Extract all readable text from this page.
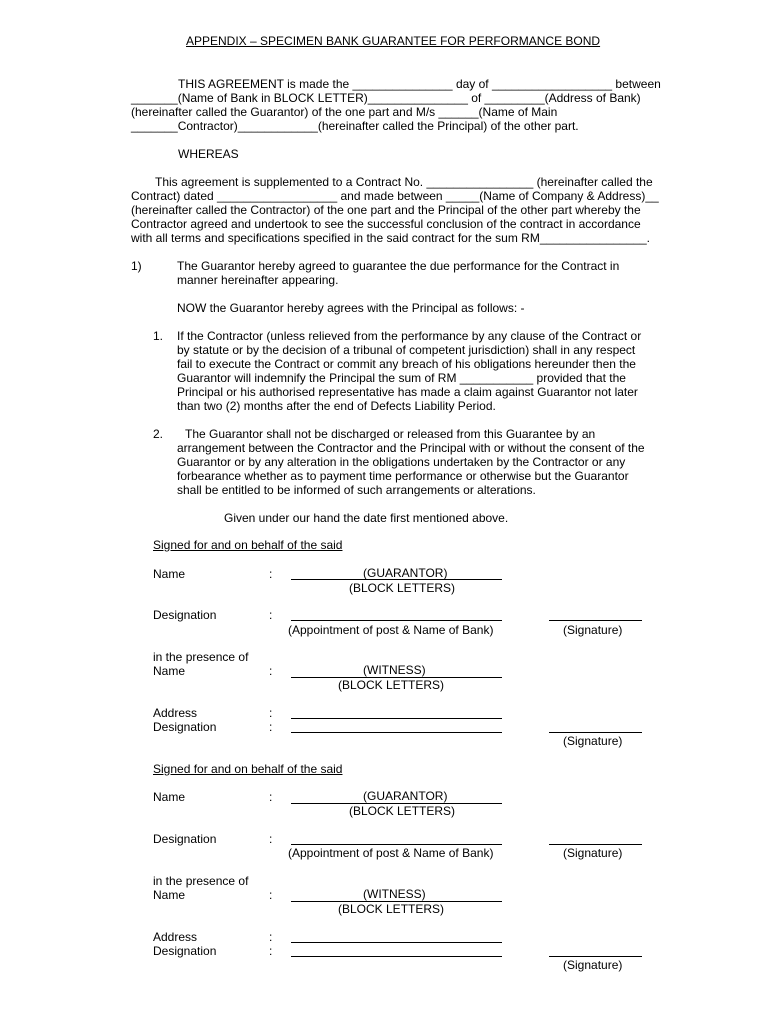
APPENDIX – SPECIMEN BANK GUARANTEE FOR PERFORMANCE BOND
THIS AGREEMENT is made the _______________ day of __________________ between
_______(Name of Bank in BLOCK LETTER)_______________ of _________(Address of Bank)
(hereinafter called the Guarantor) of the one part and M/s ______(Name of Main
_______Contractor)____________(hereinafter called the Principal) of the other part.
WHEREAS
This agreement is supplemented to a Contract No. ________________ (hereinafter called the
Contract) dated __________________ and made between _____(Name of Company & Address)__
(hereinafter called the Contractor) of the one part and the Principal of the other part whereby the
Contractor agreed and undertook to see the successful conclusion of the contract in accordance
with all terms and specifications specified in the said contract for the sum RM________________.
1)	The Guarantor hereby agreed to guarantee the due performance for the Contract in
manner hereinafter appearing.
NOW the Guarantor hereby agrees with the Principal as follows: -
1. If the Contractor (unless relieved from the performance by any clause of the Contract or
by statute or by the decision of a tribunal of competent jurisdiction) shall in any respect
fail to execute the Contract or commit any breach of his obligations hereunder then the
Guarantor will indemnify the Principal the sum of RM ___________ provided that the
Principal or his authorised representative has made a claim against Guarantor not later
than two (2) months after the end of Defects Liability Period.
2. The Guarantor shall not be discharged or released from this Guarantee by an
arrangement between the Contractor and the Principal with or without the consent of the
Guarantor or by any alteration in the obligations undertaken by the Contractor or any
forbearance whether as to payment time performance or otherwise but the Guarantor
shall be entitled to be informed of such arrangements or alterations.
Given under our hand the date first mentioned above.
Signed for and on behalf of the said
Name	:	(GUARANTOR)
(BLOCK LETTERS)
Designation	:
(Appointment of post & Name of Bank)	(Signature)
in the presence of
Name	:	(WITNESS)
(BLOCK LETTERS)
Address	:
Designation	:
(Signature)
Signed for and on behalf of the said
Name	:	(GUARANTOR)
(BLOCK LETTERS)
Designation	:
(Appointment of post & Name of Bank)	(Signature)
in the presence of
Name	:	(WITNESS)
(BLOCK LETTERS)
Address	:
Designation	:
(Signature)
